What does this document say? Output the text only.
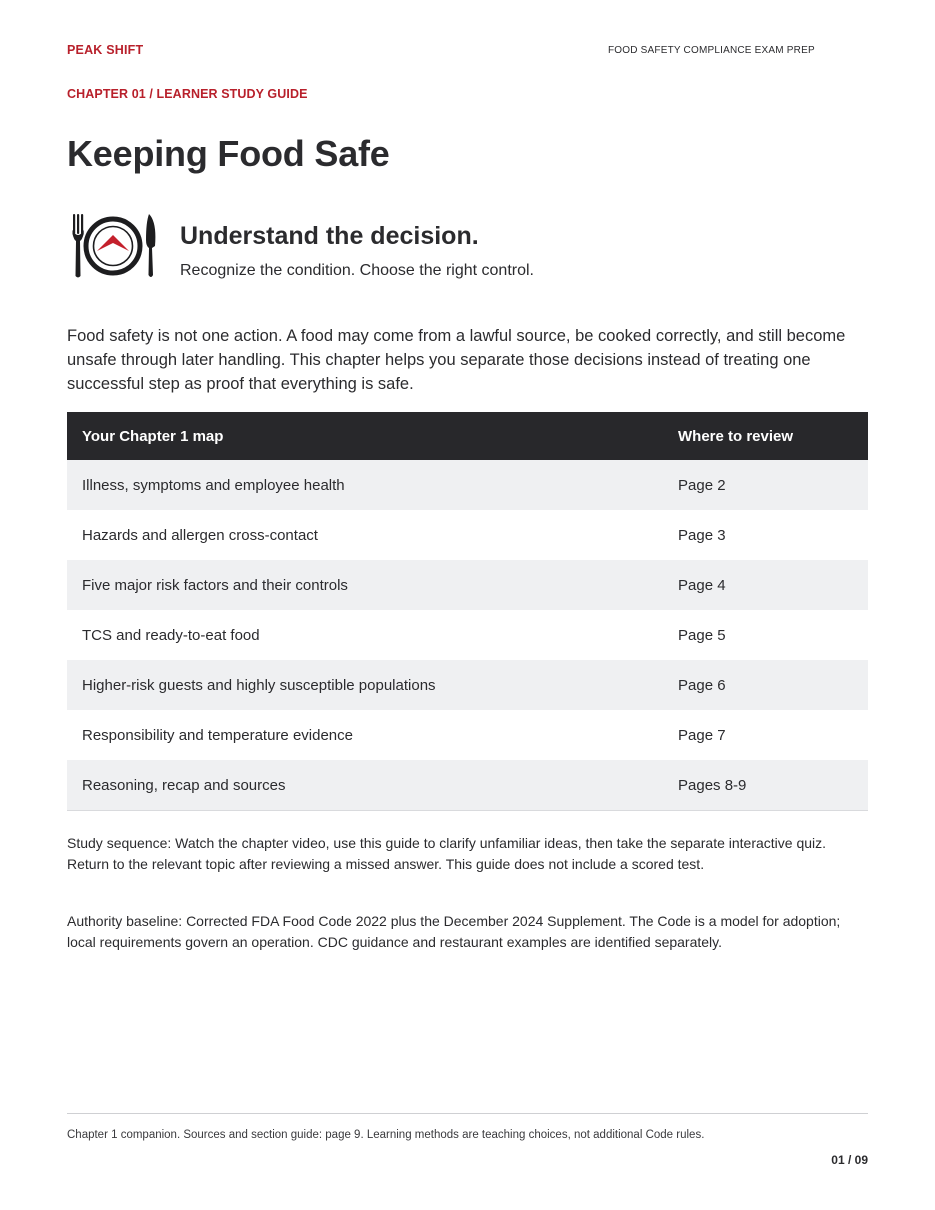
PEAK SHIFT	FOOD SAFETY COMPLIANCE EXAM PREP
CHAPTER 01 / LEARNER STUDY GUIDE
Keeping Food Safe
Understand the decision.
Recognize the condition. Choose the right control.

Food safety is not one action. A food may come from a lawful source, be cooked correctly, and still become unsafe through later handling. This chapter helps you separate those decisions instead of treating one successful step as proof that everything is safe.

Your Chapter 1 map	Where to review
Illness, symptoms and employee health	Page 2
Hazards and allergen cross-contact	Page 3
Five major risk factors and their controls	Page 4
TCS and ready-to-eat food	Page 5
Higher-risk guests and highly susceptible populations	Page 6
Responsibility and temperature evidence	Page 7
Reasoning, recap and sources	Pages 8-9

Study sequence: Watch the chapter video, use this guide to clarify unfamiliar ideas, then take the separate interactive quiz. Return to the relevant topic after reviewing a missed answer. This guide does not include a scored test.

Authority baseline: Corrected FDA Food Code 2022 plus the December 2024 Supplement. The Code is a model for adoption; local requirements govern an operation. CDC guidance and restaurant examples are identified separately.

Chapter 1 companion. Sources and section guide: page 9. Learning methods are teaching choices, not additional Code rules.
01 / 09
